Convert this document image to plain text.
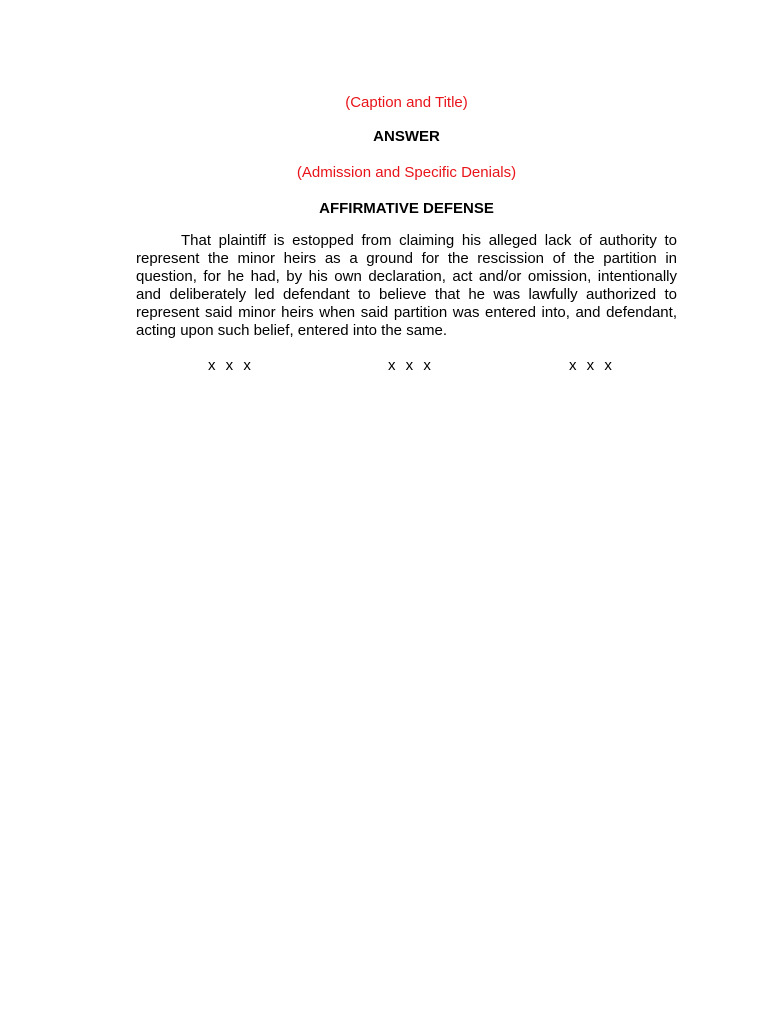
(Caption and Title)

ANSWER

(Admission and Specific Denials)

AFFIRMATIVE DEFENSE

That plaintiff is estopped from claiming his alleged lack of authority to represent the minor heirs as a ground for the rescission of the partition in question, for he had, by his own declaration, act and/or omission, intentionally and deliberately led defendant to believe that he was lawfully authorized to represent said minor heirs when said partition was entered into, and defendant, acting upon such belief, entered into the same.

x x x	x x x	x x x
